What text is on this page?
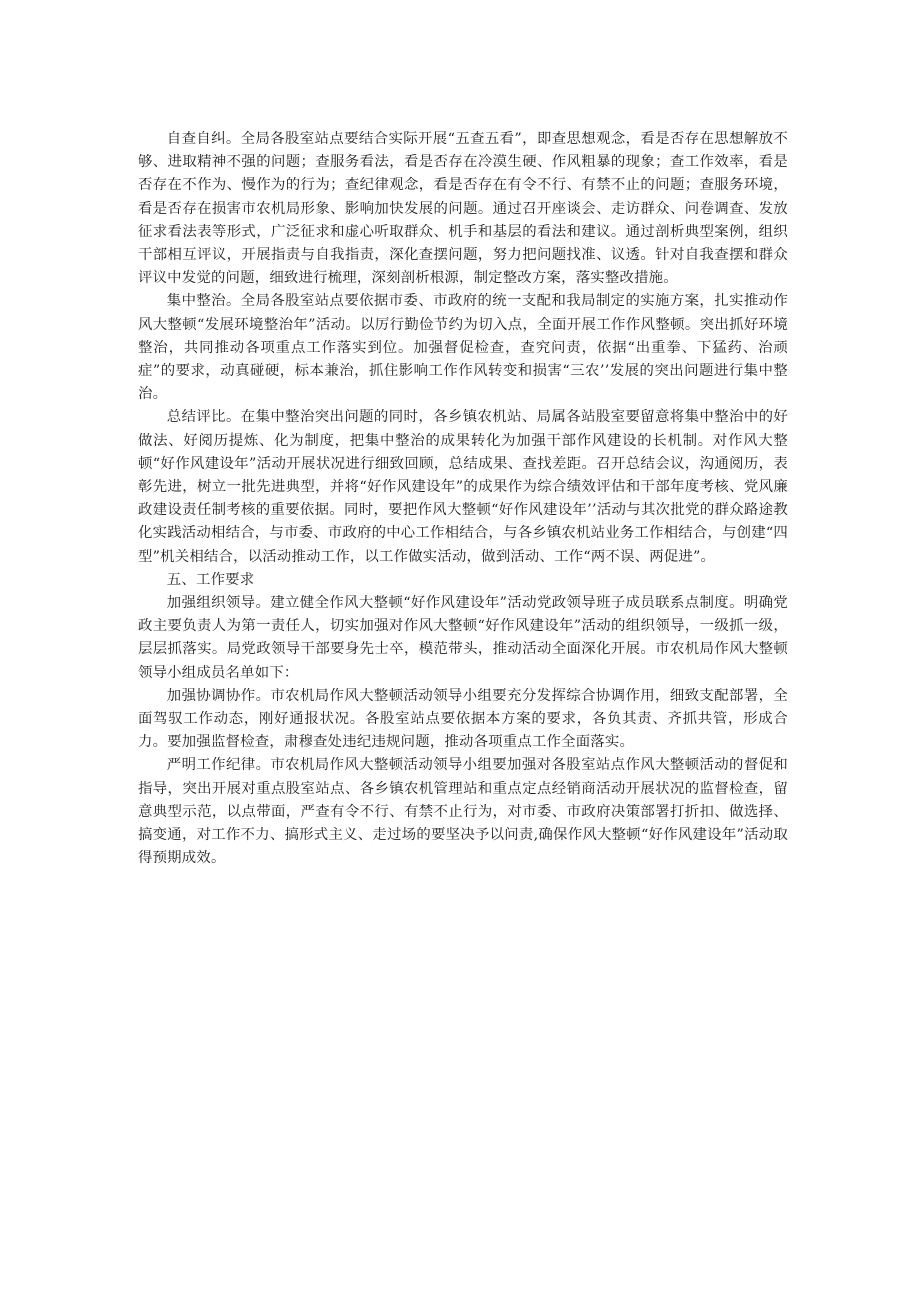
自查自纠。全局各股室站点要结合实际开展“五查五看”，即查思想观念，看是否存在思想解放不够、进取精神不强的问题；查服务看法，看是否存在冷漠生硬、作风粗暴的现象；查工作效率，看是否存在不作为、慢作为的行为；查纪律观念，看是否存在有令不行、有禁不止的问题；查服务环境，看是否存在损害市农机局形象、影响加快发展的问题。通过召开座谈会、走访群众、问卷调查、发放征求看法表等形式，广泛征求和虚心听取群众、机手和基层的看法和建议。通过剖析典型案例，组织干部相互评议，开展指责与自我指责，深化查摆问题，努力把问题找准、议透。针对自我查摆和群众评议中发觉的问题，细致进行梳理，深刻剖析根源，制定整改方案，落实整改措施。

集中整治。全局各股室站点要依据市委、市政府的统一支配和我局制定的实施方案，扎实推动作风大整顿“发展环境整治年”活动。以厉行勤俭节约为切入点，全面开展工作作风整顿。突出抓好环境整治，共同推动各项重点工作落实到位。加强督促检查，查究问责，依据“出重拳、下猛药、治顽症”的要求，动真碰硬，标本兼治，抓住影响工作作风转变和损害“三农’’发展的突出问题进行集中整治。

总结评比。在集中整治突出问题的同时，各乡镇农机站、局属各站股室要留意将集中整治中的好做法、好阅历提炼、化为制度，把集中整治的成果转化为加强干部作风建设的长机制。对作风大整顿“好作风建设年”活动开展状况进行细致回顾，总结成果、查找差距。召开总结会议，沟通阅历，表彰先进，树立一批先进典型，并将“好作风建设年”的成果作为综合绩效评估和干部年度考核、党风廉政建设责任制考核的重要依据。同时，要把作风大整顿“好作风建设年’’活动与其次批党的群众路途教化实践活动相结合，与市委、市政府的中心工作相结合，与各乡镇农机站业务工作相结合，与创建“四型”机关相结合，以活动推动工作，以工作做实活动，做到活动、工作“两不误、两促进”。

五、工作要求

加强组织领导。建立健全作风大整顿“好作风建设年”活动党政领导班子成员联系点制度。明确党政主要负责人为第一责任人，切实加强对作风大整顿“好作风建设年”活动的组织领导，一级抓一级，层层抓落实。局党政领导干部要身先士卒，模范带头，推动活动全面深化开展。市农机局作风大整顿领导小组成员名单如下：

加强协调协作。市农机局作风大整顿活动领导小组要充分发挥综合协调作用，细致支配部署，全面驾驭工作动态，刚好通报状况。各股室站点要依据本方案的要求，各负其责、齐抓共管，形成合力。要加强监督检查，肃穆查处违纪违规问题，推动各项重点工作全面落实。

严明工作纪律。市农机局作风大整顿活动领导小组要加强对各股室站点作风大整顿活动的督促和指导，突出开展对重点股室站点、各乡镇农机管理站和重点定点经销商活动开展状况的监督检查，留意典型示范，以点带面，严查有令不行、有禁不止行为，对市委、市政府决策部署打折扣、做选择、搞变通，对工作不力、搞形式主义、走过场的要坚决予以问责,确保作风大整顿“好作风建设年”活动取得预期成效。
